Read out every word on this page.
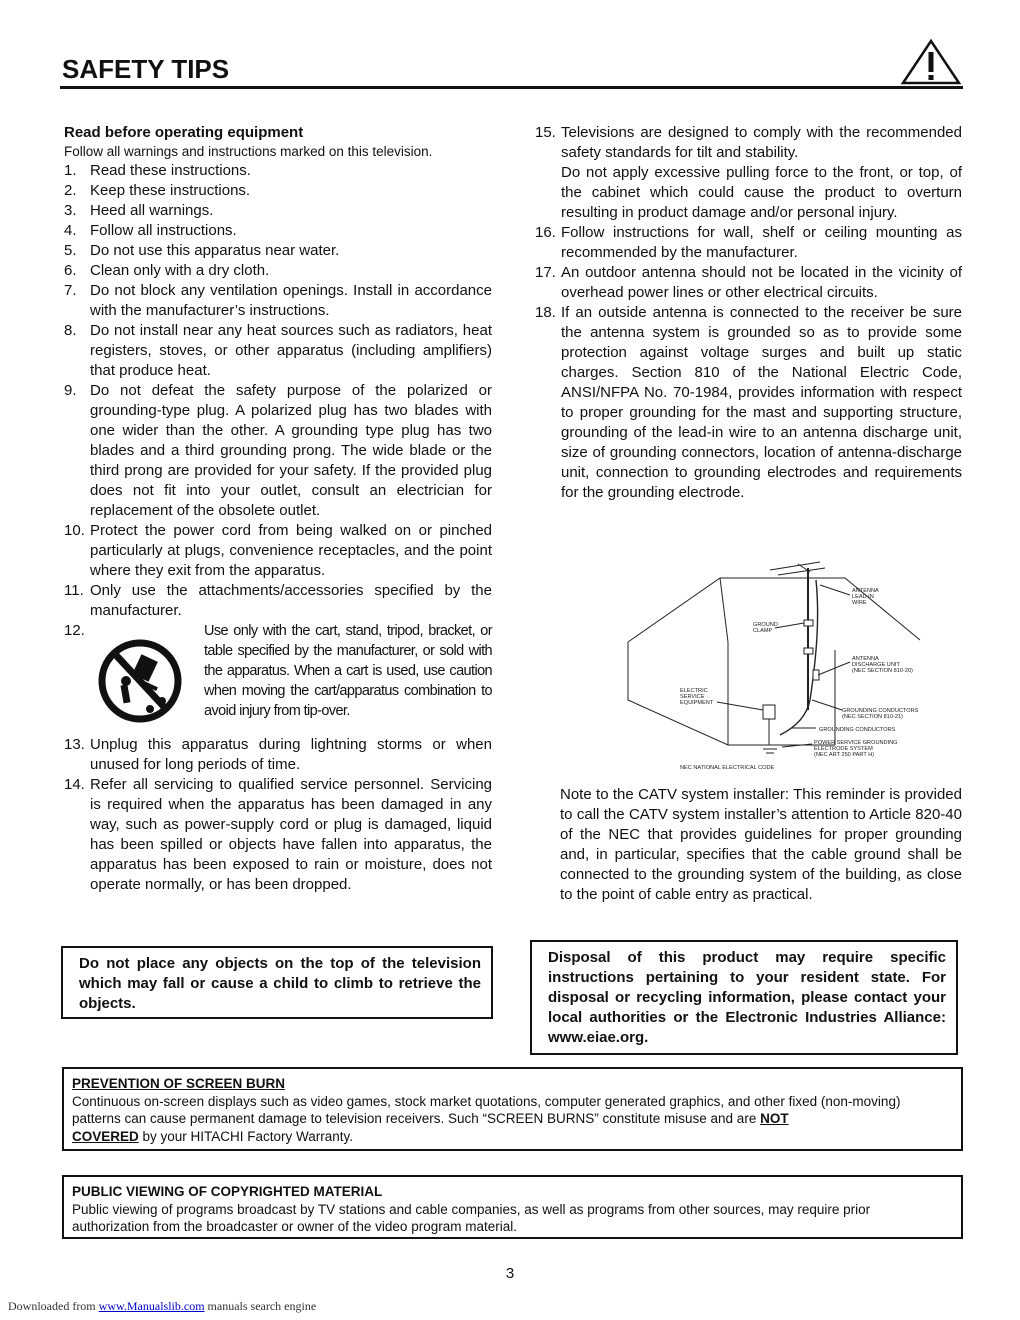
SAFETY TIPS
Read before operating equipment
Follow all warnings and instructions marked on this television.
1. Read these instructions.
2. Keep these instructions.
3. Heed all warnings.
4. Follow all instructions.
5. Do not use this apparatus near water.
6. Clean only with a dry cloth.
7. Do not block any ventilation openings. Install in accordance with the manufacturer’s instructions.
8. Do not install near any heat sources such as radiators, heat registers, stoves, or other apparatus (including amplifiers) that produce heat.
9. Do not defeat the safety purpose of the polarized or grounding-type plug. A polarized plug has two blades with one wider than the other. A grounding type plug has two blades and a third grounding prong. The wide blade or the third prong are provided for your safety. If the provided plug does not fit into your outlet, consult an electrician for replacement of the obsolete outlet.
10. Protect the power cord from being walked on or pinched particularly at plugs, convenience receptacles, and the point where they exit from the apparatus.
11. Only use the attachments/accessories specified by the manufacturer.
12.	Use only with the cart, stand, tripod, bracket, or table specified by the manufacturer, or sold with the apparatus. When a cart is used, use caution when moving the cart/apparatus combination to avoid injury from tip-over.
13. Unplug this apparatus during lightning storms or when unused for long periods of time.
14. Refer all servicing to qualified service personnel. Servicing is required when the apparatus has been damaged in any way, such as power-supply cord or plug is damaged, liquid has been spilled or objects have fallen into apparatus, the apparatus has been exposed to rain or moisture, does not operate normally, or has been dropped.
15. Televisions are designed to comply with the recommended safety standards for tilt and stability.
Do not apply excessive pulling force to the front, or top, of the cabinet which could cause the product to overturn resulting in product damage and/or personal injury.
16. Follow instructions for wall, shelf or ceiling mounting as recommended by the manufacturer.
17. An outdoor antenna should not be located in the vicinity of overhead power lines or other electrical circuits.
18. If an outside antenna is connected to the receiver be sure the antenna system is grounded so as to provide some protection against voltage surges and built up static charges. Section 810 of the National Electric Code, ANSI/NFPA No. 70-1984, provides information with respect to proper grounding for the mast and supporting structure, grounding of the lead-in wire to an antenna discharge unit, size of grounding connectors, location of antenna-discharge unit, connection to grounding electrodes and requirements for the grounding electrode.
ANTENNA
LEAD IN
WIRE
GROUND
CLAMP
ANTENNA
DISCHARGE UNIT
(NEC SECTION 810-20)
ELECTRIC
SERVICE
EQUIPMENT
GROUNDING CONDUCTORS
(NEC SECTION 810-21)
GROUNDING CONDUCTORS
POWER SERVICE GROUNDING
ELECTRODE SYSTEM
(NEC ART 250 PART H)
NEC NATIONAL ELECTRICAL CODE
Note to the CATV system installer: This reminder is provided to call the CATV system installer’s attention to Article 820-40 of the NEC that provides guidelines for proper grounding and, in particular, specifies that the cable ground shall be connected to the grounding system of the building, as close to the point of cable entry as practical.
Do not place any objects on the top of the television which may fall or cause a child to climb to retrieve the objects.
Disposal of this product may require specific instructions pertaining to your resident state. For disposal or recycling information, please contact your local authorities or the Electronic Industries Alliance: www.eiae.org.
PREVENTION OF SCREEN BURN
Continuous on-screen displays such as video games, stock market quotations, computer generated graphics, and other fixed (non-moving) patterns can cause permanent damage to television receivers. Such “SCREEN BURNS” constitute misuse and are NOT
COVERED by your HITACHI Factory Warranty.
PUBLIC VIEWING OF COPYRIGHTED MATERIAL
Public viewing of programs broadcast by TV stations and cable companies, as well as programs from other sources, may require prior authorization from the broadcaster or owner of the video program material.
3
Downloaded from www.Manualslib.com manuals search engine
